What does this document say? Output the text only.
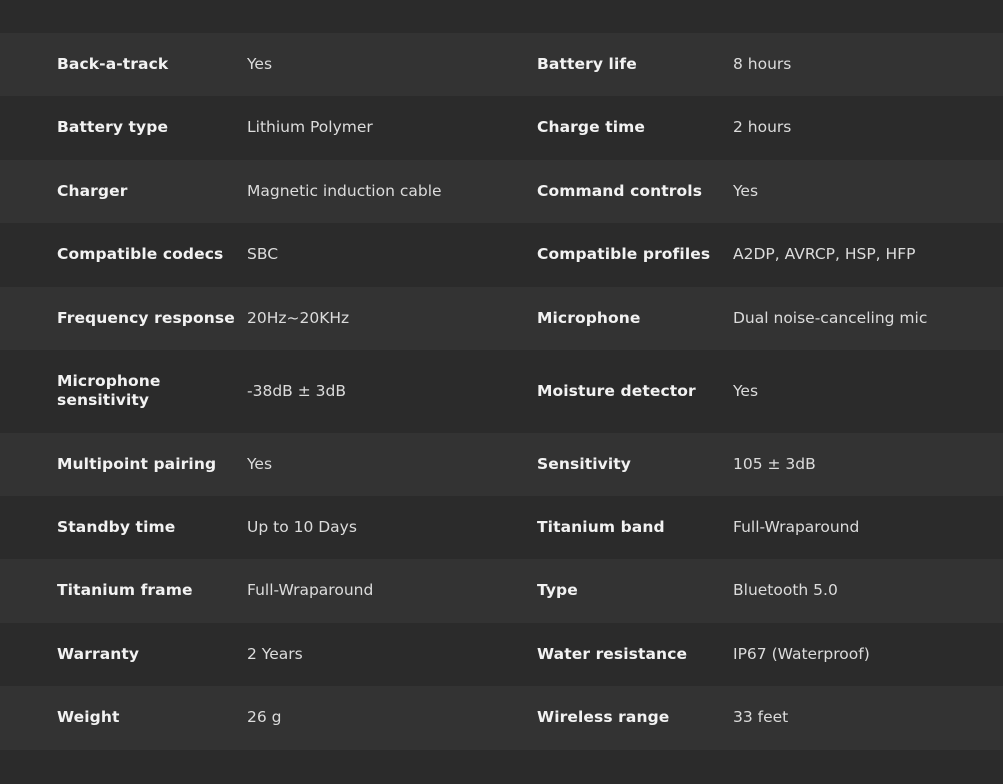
	Back-a-track	Yes	Battery life	8 hours

	Battery type	Lithium Polymer	Charge time	2 hours

	Charger	Magnetic induction cable	Command controls	Yes

	Compatible codecs	SBC	Compatible profiles	A2DP, AVRCP, HSP, HFP

	Frequency response	20Hz~20KHz	Microphone	Dual noise-canceling mic

	Microphone sensitivity	-38dB ± 3dB	Moisture detector	Yes

	Multipoint pairing	Yes	Sensitivity	105 ± 3dB

	Standby time	Up to 10 Days	Titanium band	Full-Wraparound

	Titanium frame	Full-Wraparound	Type	Bluetooth 5.0

	Warranty	2 Years	Water resistance	IP67 (Waterproof)

	Weight	26 g	Wireless range	33 feet
